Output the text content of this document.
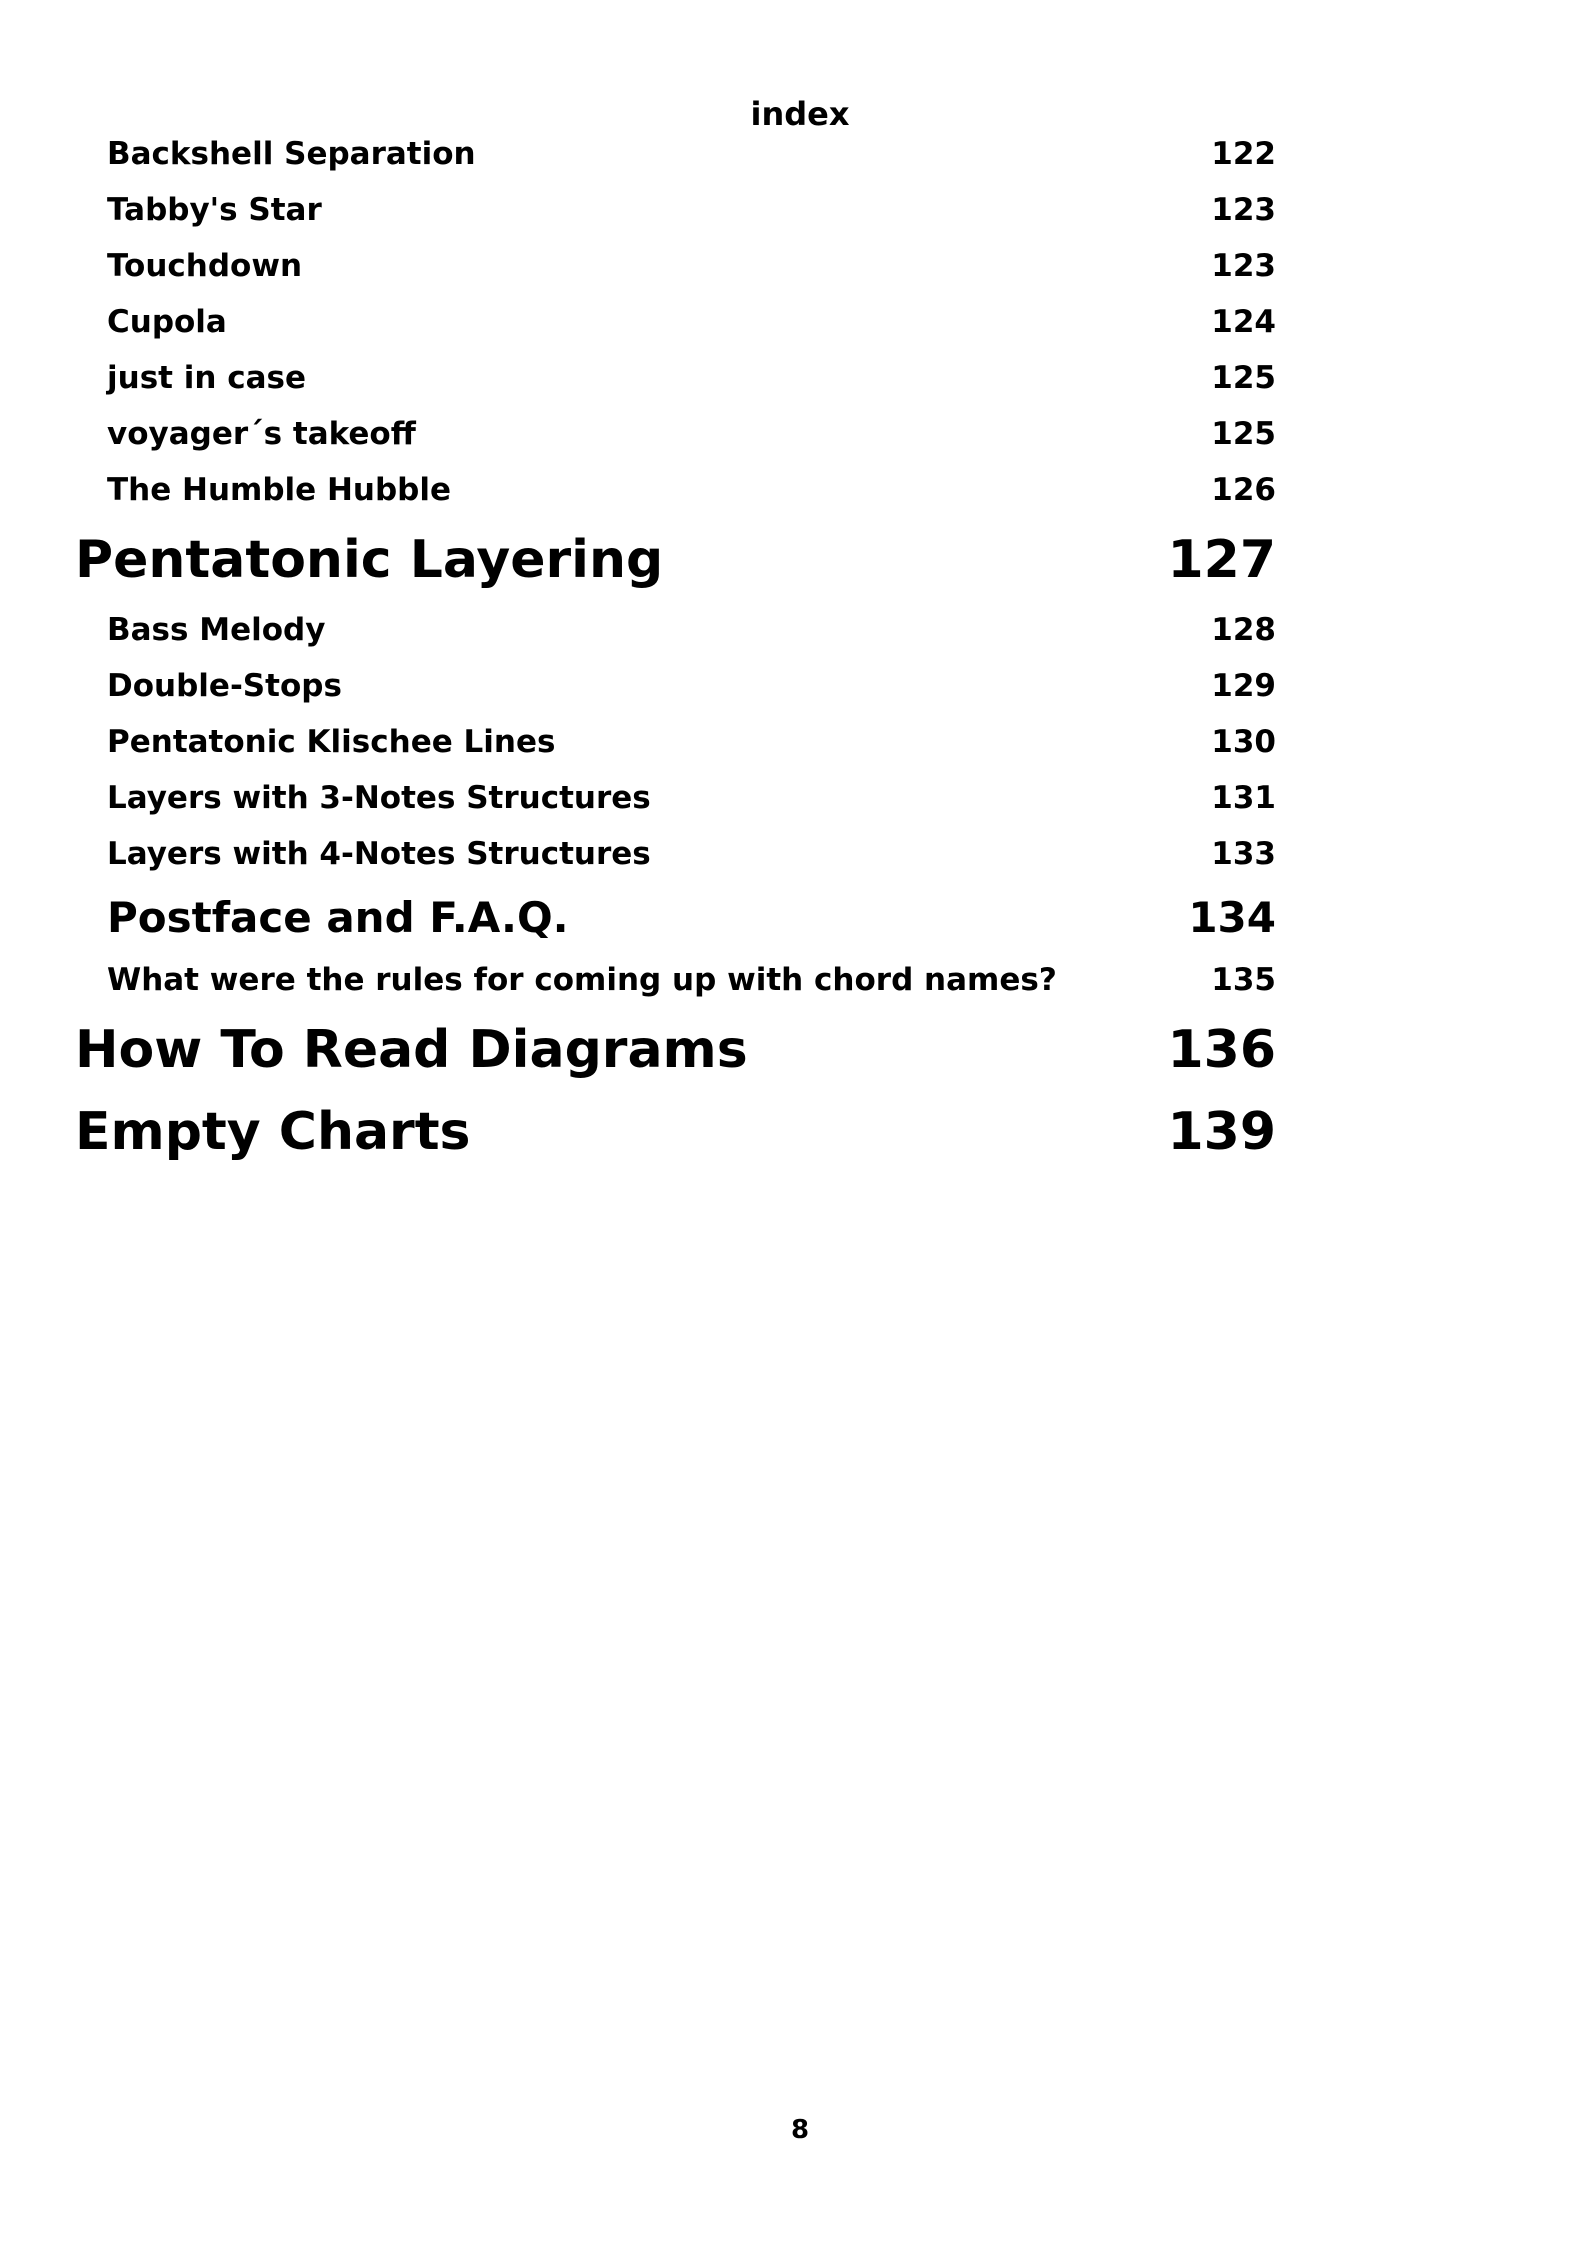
index
Backshell Separation	122
Tabby's Star	123
Touchdown	123
Cupola	124
just in case	125
voyager´s takeoff	125
The Humble Hubble	126
Pentatonic Layering	127
Bass Melody	128
Double-Stops	129
Pentatonic Klischee Lines	130
Layers with 3-Notes Structures	131
Layers with 4-Notes Structures	133
Postface and F.A.Q.	134
What were the rules for coming up with chord names?	135
How To Read Diagrams	136
Empty Charts	139
8
